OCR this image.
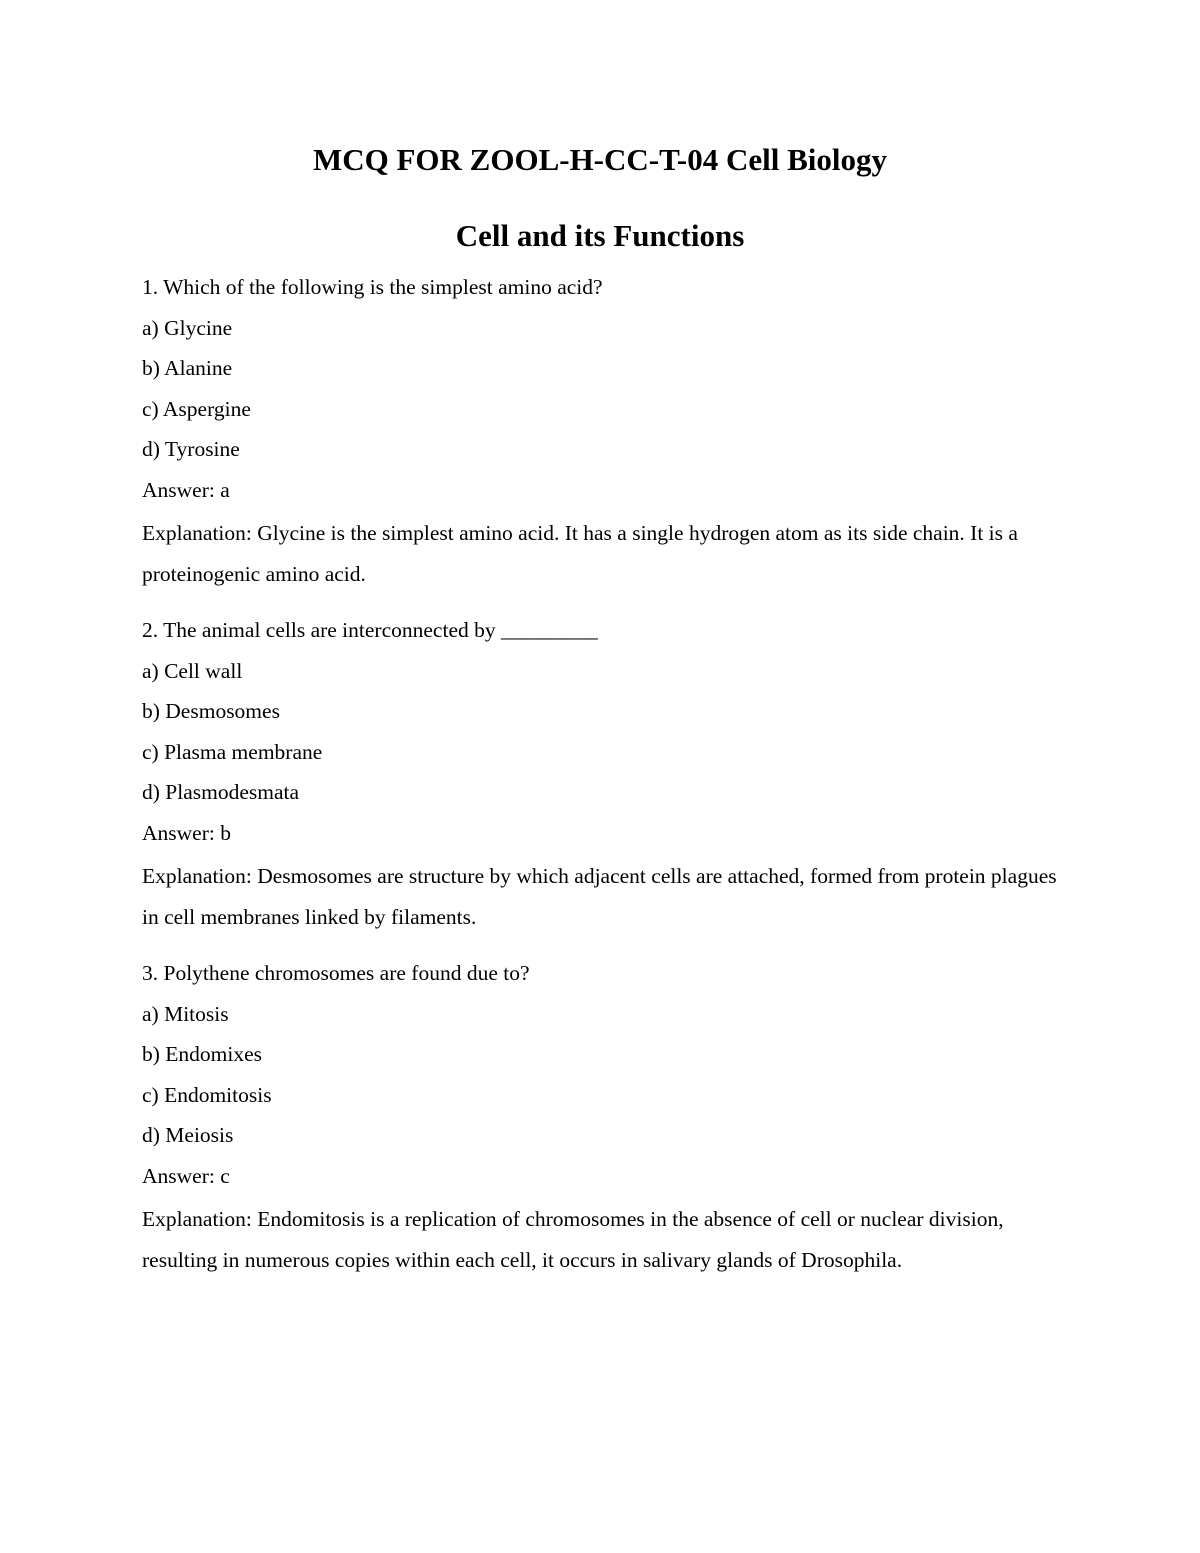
MCQ FOR ZOOL-H-CC-T-04 Cell Biology
Cell and its Functions
1. Which of the following is the simplest amino acid?
a) Glycine
b) Alanine
c) Aspergine
d) Tyrosine
Answer: a
Explanation: Glycine is the simplest amino acid. It has a single hydrogen atom as its side chain. It is a proteinogenic amino acid.
2. The animal cells are interconnected by _________
a) Cell wall
b) Desmosomes
c) Plasma membrane
d) Plasmodesmata
Answer: b
Explanation: Desmosomes are structure by which adjacent cells are attached, formed from protein plagues in cell membranes linked by filaments.
3. Polythene chromosomes are found due to?
a) Mitosis
b) Endomixes
c) Endomitosis
d) Meiosis
Answer: c
Explanation: Endomitosis is a replication of chromosomes in the absence of cell or nuclear division, resulting in numerous copies within each cell, it occurs in salivary glands of Drosophila.
